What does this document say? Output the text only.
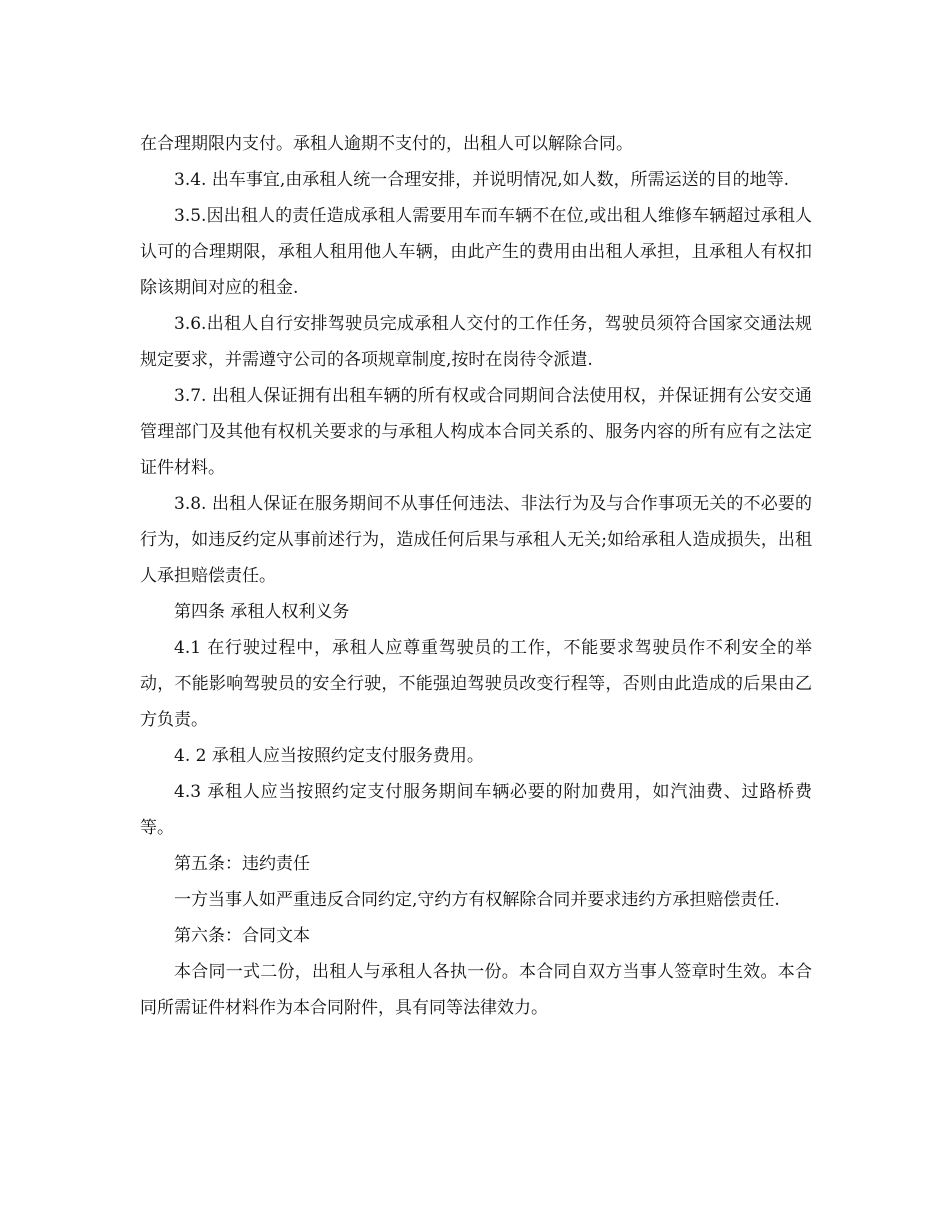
在合理期限内支付。承租人逾期不支付的，出租人可以解除合同。

3.4. 出车事宜,由承租人统一合理安排，并说明情况,如人数，所需运送的目的地等.

3.5.因出租人的责任造成承租人需要用车而车辆不在位,或出租人维修车辆超过承租人认可的合理期限，承租人租用他人车辆，由此产生的费用由出租人承担，且承租人有权扣除该期间对应的租金.

3.6.出租人自行安排驾驶员完成承租人交付的工作任务，驾驶员须符合国家交通法规规定要求，并需遵守公司的各项规章制度,按时在岗待令派遣.

3.7. 出租人保证拥有出租车辆的所有权或合同期间合法使用权，并保证拥有公安交通管理部门及其他有权机关要求的与承租人构成本合同关系的、服务内容的所有应有之法定证件材料。

3.8. 出租人保证在服务期间不从事任何违法、非法行为及与合作事项无关的不必要的行为，如违反约定从事前述行为，造成任何后果与承租人无关;如给承租人造成损失，出租人承担赔偿责任。

第四条 承租人权利义务

4.1 在行驶过程中，承租人应尊重驾驶员的工作，不能要求驾驶员作不利安全的举动，不能影响驾驶员的安全行驶，不能强迫驾驶员改变行程等，否则由此造成的后果由乙方负责。

4. 2 承租人应当按照约定支付服务费用。

4.3 承租人应当按照约定支付服务期间车辆必要的附加费用，如汽油费、过路桥费等。

第五条：违约责任

一方当事人如严重违反合同约定,守约方有权解除合同并要求违约方承担赔偿责任.

第六条：合同文本

本合同一式二份，出租人与承租人各执一份。本合同自双方当事人签章时生效。本合同所需证件材料作为本合同附件，具有同等法律效力。
